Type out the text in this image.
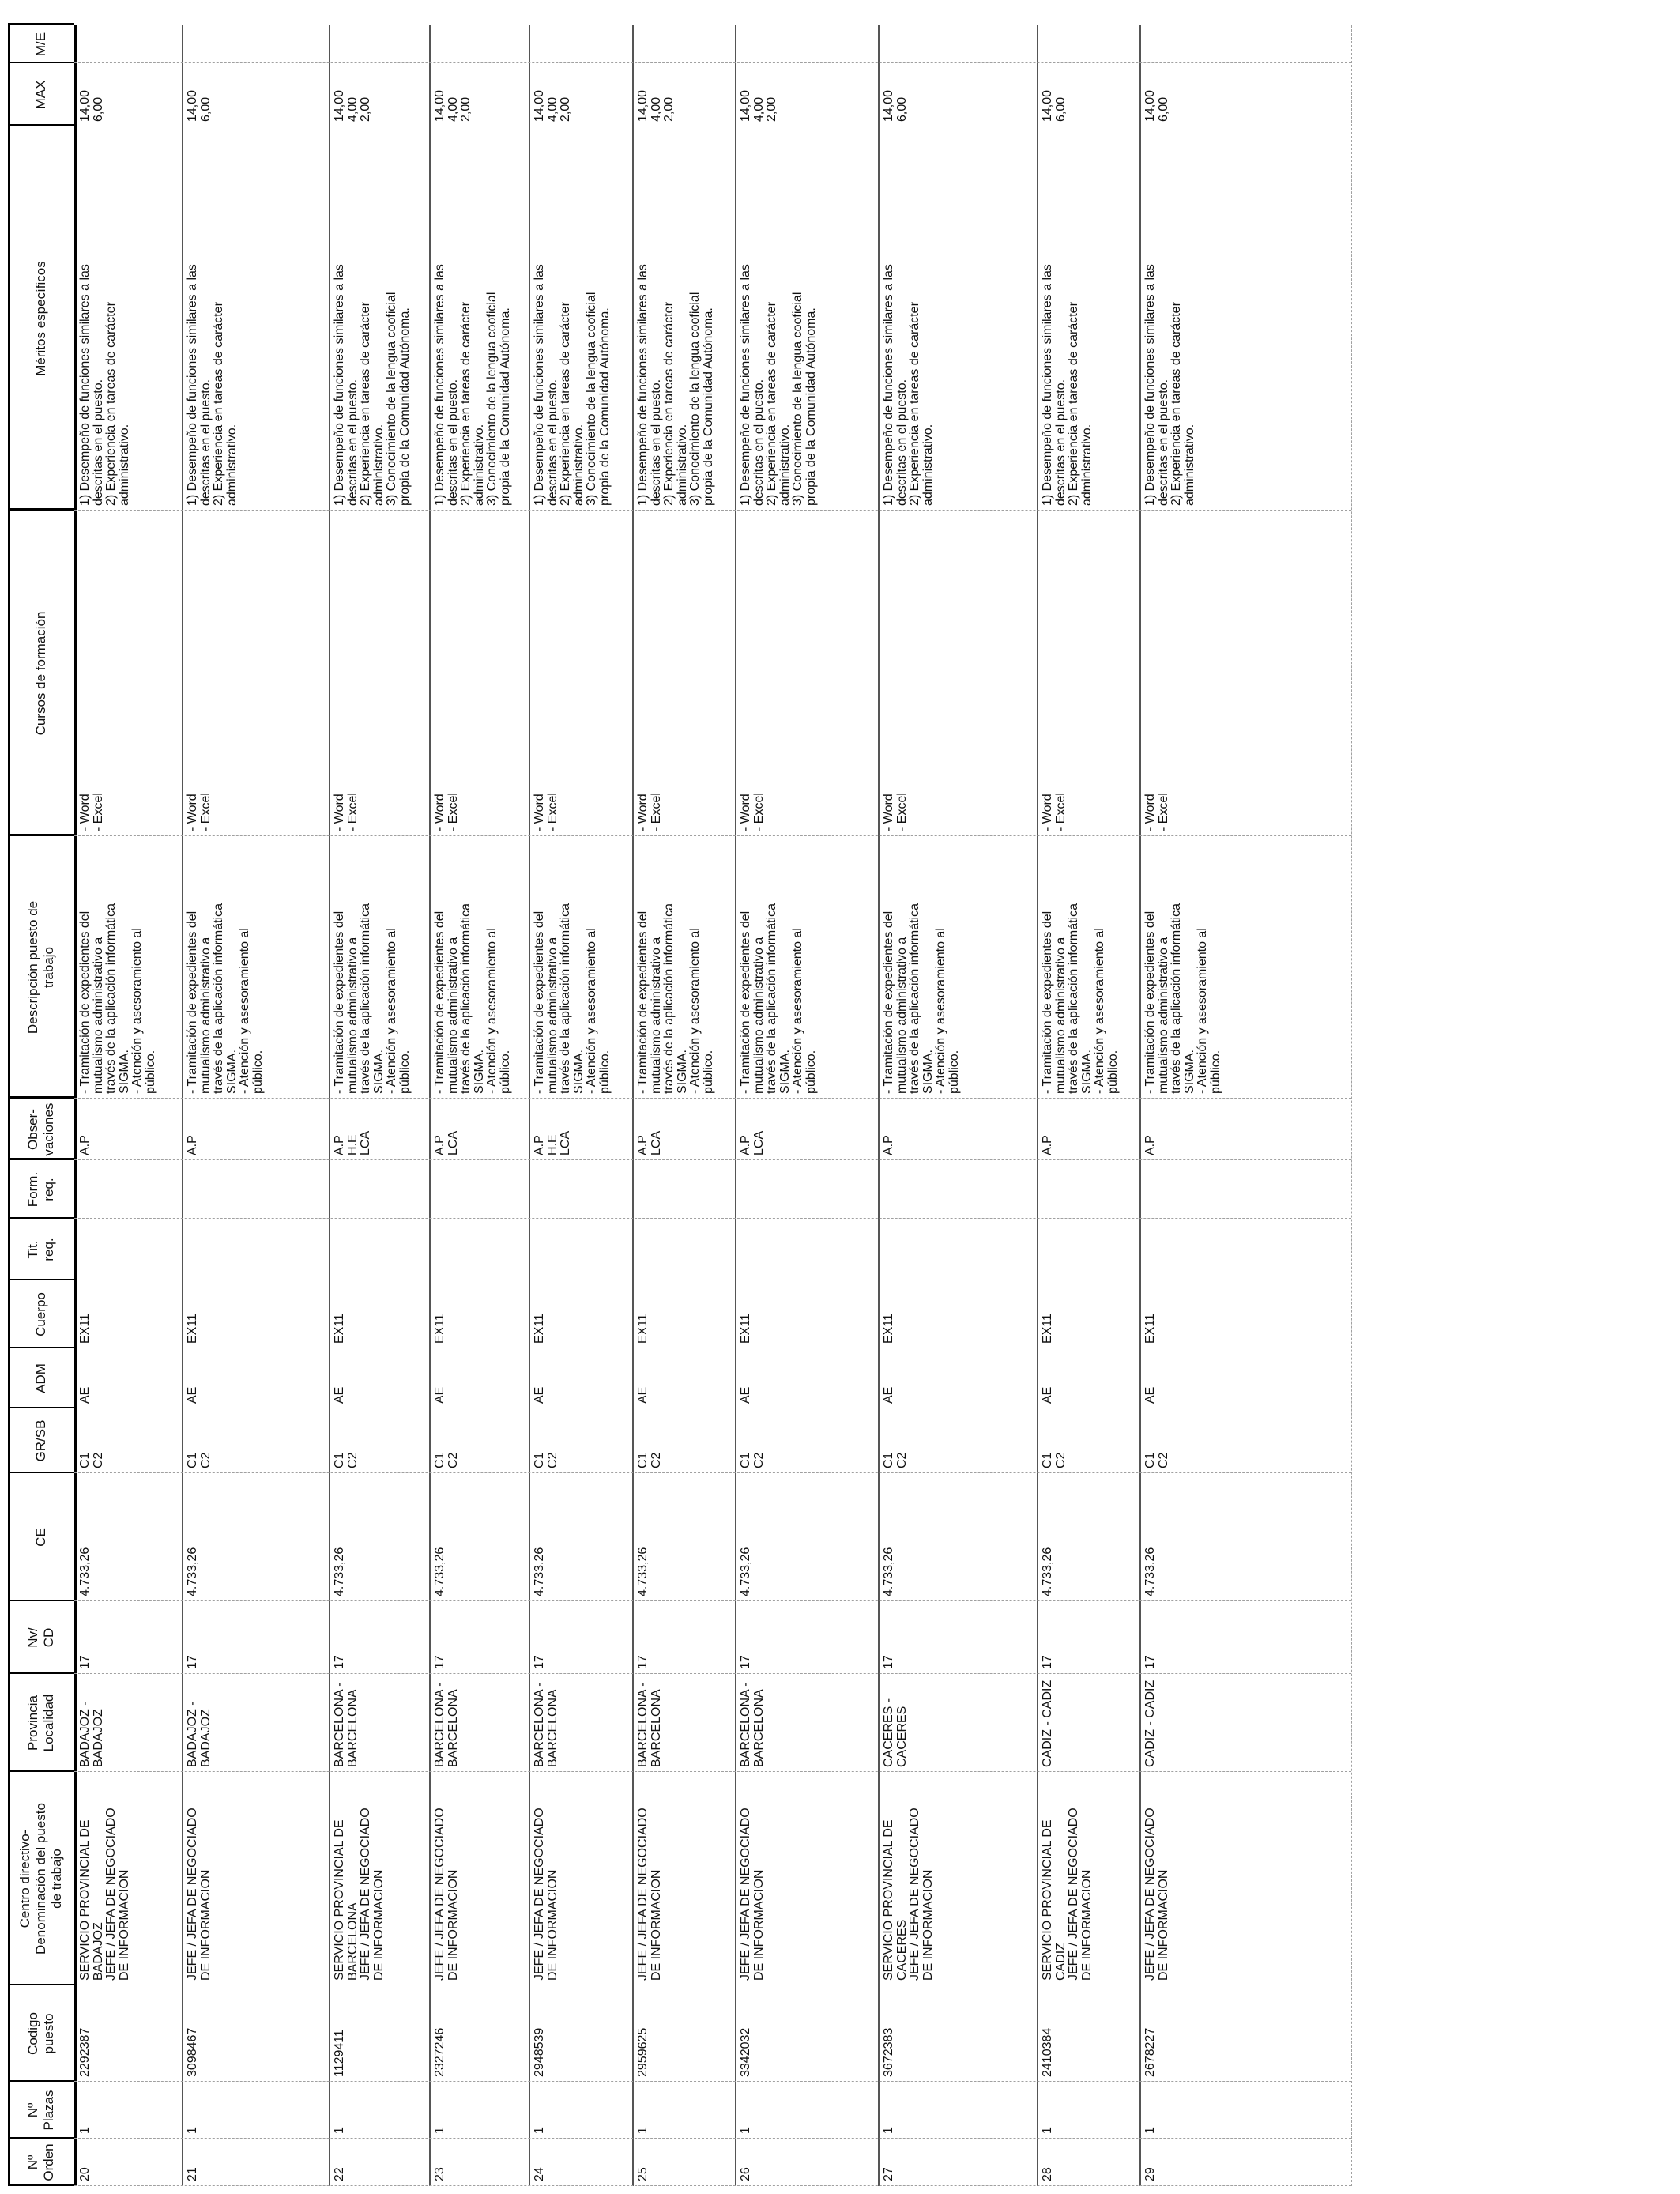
Nº
Orden
Nº
Plazas
Codigo
puesto
Centro directivo-
Denominación del puesto
de trabajo
Provincia
Localidad
Nv/
CD
CE
GR/SB
ADM
Cuerpo
Tit.
req.
Form.
req.
Obser-
vaciones
Descripción puesto de
trabajo
Cursos de formación
Méritos específicos
MAX
M/E
20
1
2292387
SERVICIO PROVINCIAL DE
BADAJOZ
JEFE / JEFA DE NEGOCIADO
DE INFORMACION
BADAJOZ -
BADAJOZ
17
4.733,26
C1
C2
AE
EX11
A.P
- Tramitación de expedientes del
mutualismo administrativo a
través de la aplicación informática
SIGMA.
- Atención y asesoramiento al
público.
- Word
- Excel
1) Desempeño de funciones similares a las
descritas en el puesto.
2) Experiencia en tareas de carácter
administrativo.
14,00
6,00
21
1
3098467
JEFE / JEFA DE NEGOCIADO
DE INFORMACION
BADAJOZ -
BADAJOZ
17
4.733,26
C1
C2
AE
EX11
A.P
- Tramitación de expedientes del
mutualismo administrativo a
través de la aplicación informática
SIGMA.
- Atención y asesoramiento al
público.
- Word
- Excel
1) Desempeño de funciones similares a las
descritas en el puesto.
2) Experiencia en tareas de carácter
administrativo.
14,00
6,00
22
1
1129411
SERVICIO PROVINCIAL DE
BARCELONA
JEFE / JEFA DE NEGOCIADO
DE INFORMACION
BARCELONA -
BARCELONA
17
4.733,26
C1
C2
AE
EX11
A.P
H.E
LCA
- Tramitación de expedientes del
mutualismo administrativo a
través de la aplicación informática
SIGMA.
- Atención y asesoramiento al
público.
- Word
- Excel
1) Desempeño de funciones similares a las
descritas en el puesto.
2) Experiencia en tareas de carácter
administrativo.
3) Conocimiento de la lengua cooficial
propia de la Comunidad Autónoma.
14,00
4,00
2,00
23
1
2327246
JEFE / JEFA DE NEGOCIADO
DE INFORMACION
BARCELONA -
BARCELONA
17
4.733,26
C1
C2
AE
EX11
A.P
LCA
- Tramitación de expedientes del
mutualismo administrativo a
través de la aplicación informática
SIGMA.
- Atención y asesoramiento al
público.
- Word
- Excel
1) Desempeño de funciones similares a las
descritas en el puesto.
2) Experiencia en tareas de carácter
administrativo.
3) Conocimiento de la lengua cooficial
propia de la Comunidad Autónoma.
14,00
4,00
2,00
24
1
2948539
JEFE / JEFA DE NEGOCIADO
DE INFORMACION
BARCELONA -
BARCELONA
17
4.733,26
C1
C2
AE
EX11
A.P
H.E
LCA
- Tramitación de expedientes del
mutualismo administrativo a
través de la aplicación informática
SIGMA.
- Atención y asesoramiento al
público.
- Word
- Excel
1) Desempeño de funciones similares a las
descritas en el puesto.
2) Experiencia en tareas de carácter
administrativo.
3) Conocimiento de la lengua cooficial
propia de la Comunidad Autónoma.
14,00
4,00
2,00
25
1
2959625
JEFE / JEFA DE NEGOCIADO
DE INFORMACION
BARCELONA -
BARCELONA
17
4.733,26
C1
C2
AE
EX11
A.P
LCA
- Tramitación de expedientes del
mutualismo administrativo a
través de la aplicación informática
SIGMA.
- Atención y asesoramiento al
público.
- Word
- Excel
1) Desempeño de funciones similares a las
descritas en el puesto.
2) Experiencia en tareas de carácter
administrativo.
3) Conocimiento de la lengua cooficial
propia de la Comunidad Autónoma.
14,00
4,00
2,00
26
1
3342032
JEFE / JEFA DE NEGOCIADO
DE INFORMACION
BARCELONA -
BARCELONA
17
4.733,26
C1
C2
AE
EX11
A.P
LCA
- Tramitación de expedientes del
mutualismo administrativo a
través de la aplicación informática
SIGMA.
- Atención y asesoramiento al
público.
- Word
- Excel
1) Desempeño de funciones similares a las
descritas en el puesto.
2) Experiencia en tareas de carácter
administrativo.
3) Conocimiento de la lengua cooficial
propia de la Comunidad Autónoma.
14,00
4,00
2,00
27
1
3672383
SERVICIO PROVINCIAL DE
CACERES
JEFE / JEFA DE NEGOCIADO
DE INFORMACION
CACERES -
CACERES
17
4.733,26
C1
C2
AE
EX11
A.P
- Tramitación de expedientes del
mutualismo administrativo a
través de la aplicación informática
SIGMA.
- Atención y asesoramiento al
público.
- Word
- Excel
1) Desempeño de funciones similares a las
descritas en el puesto.
2) Experiencia en tareas de carácter
administrativo.
14,00
6,00
28
1
2410384
SERVICIO PROVINCIAL DE
CADIZ
JEFE / JEFA DE NEGOCIADO
DE INFORMACION
CADIZ - CADIZ
17
4.733,26
C1
C2
AE
EX11
A.P
- Tramitación de expedientes del
mutualismo administrativo a
través de la aplicación informática
SIGMA.
- Atención y asesoramiento al
público.
- Word
- Excel
1) Desempeño de funciones similares a las
descritas en el puesto.
2) Experiencia en tareas de carácter
administrativo.
14,00
6,00
29
1
2678227
JEFE / JEFA DE NEGOCIADO
DE INFORMACION
CADIZ - CADIZ
17
4.733,26
C1
C2
AE
EX11
A.P
- Tramitación de expedientes del
mutualismo administrativo a
través de la aplicación informática
SIGMA.
- Atención y asesoramiento al
público.
- Word
- Excel
1) Desempeño de funciones similares a las
descritas en el puesto.
2) Experiencia en tareas de carácter
administrativo.
14,00
6,00
